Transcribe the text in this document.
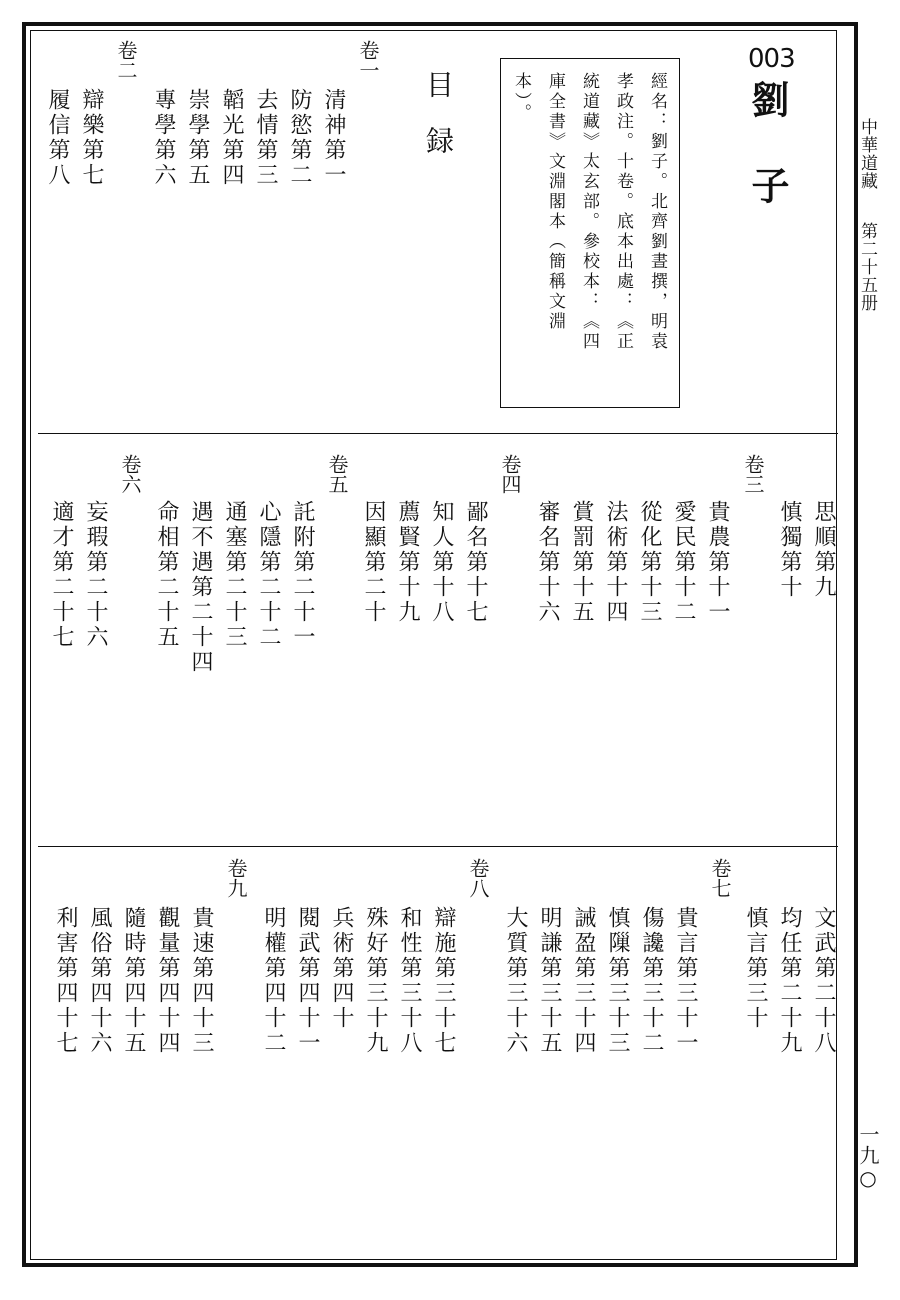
中華道藏
第二十五册
一九○
003
劉
子
經名：劉子。北齊劉晝撰，明袁
孝政注。十卷。底本出處：《正
統道藏》太玄部。參校本：《四
庫全書》文淵閣本（簡稱文淵
本）。
目
録
卷一
清神第一
防慾第二
去情第三
韜光第四
崇學第五
專學第六
卷二
辯樂第七
履信第八
卷三
思順第九
慎獨第十
貴農第十一
愛民第十二
從化第十三
法術第十四
賞罰第十五
審名第十六
卷四
鄙名第十七
知人第十八
薦賢第十九
因顯第二十
卷五
託附第二十一
心隱第二十二
通塞第二十三
遇不遇第二十四
命相第二十五
卷六
妄瑕第二十六
適才第二十七
卷七
文武第二十八
均任第二十九
慎言第三十
貴言第三十一
傷讒第三十二
慎隟第三十三
誡盈第三十四
明謙第三十五
大質第三十六
卷八
辯施第三十七
和性第三十八
殊好第三十九
兵術第四十
閱武第四十一
明權第四十二
卷九
貴速第四十三
觀量第四十四
隨時第四十五
風俗第四十六
利害第四十七
